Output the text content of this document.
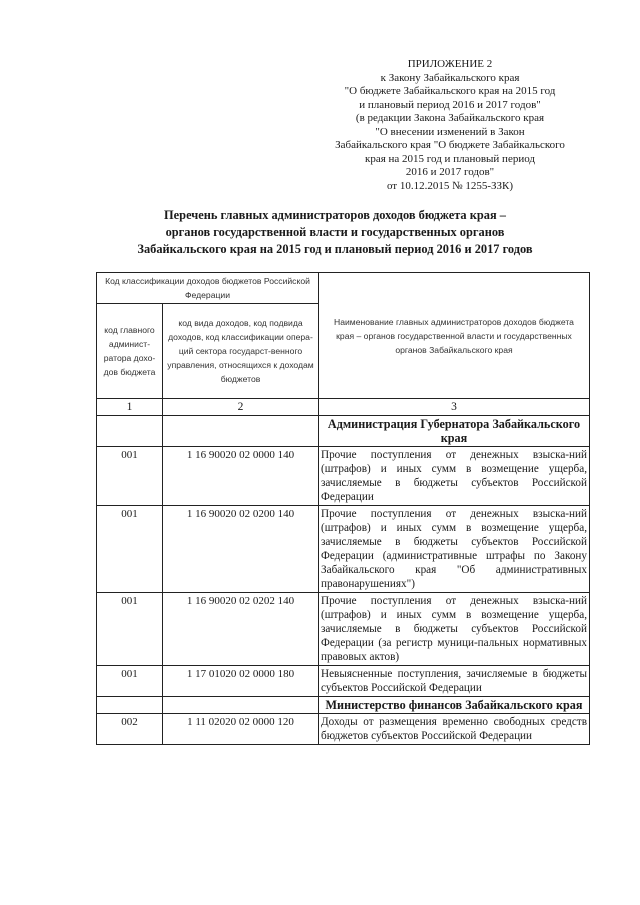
ПРИЛОЖЕНИЕ 2
к Закону Забайкальского края
"О бюджете Забайкальского края на 2015 год
и плановый период 2016 и 2017 годов"
(в редакции Закона Забайкальского края
"О внесении изменений в Закон
Забайкальского края "О бюджете Забайкальского
края на 2015 год и плановый период
2016 и 2017 годов"
от 10.12.2015 № 1255-ЗЗК)
Перечень главных администраторов доходов бюджета края –
органов государственной власти и государственных органов
Забайкальского края на 2015 год и плановый период 2016 и 2017 годов
Код классификации доходов бюджетов Российской Федерации		Наименование главных администраторов доходов бюджета края – органов государственной власти и государственных органов Забайкальского края
код главного админист-ратора дохо-дов бюджета	код вида доходов, код подвида доходов, код классификации опера-ций сектора государст-венного управления, относящихся к доходам бюджетов	
1	2	3
		Администрация Губернатора Забайкальского края
001	1 16 90020 02 0000 140	Прочие поступления от денежных взыска-ний (штрафов) и иных сумм в возмещение ущерба, зачисляемые в бюджеты субъектов Российской Федерации
001	1 16 90020 02 0200 140	Прочие поступления от денежных взыска-ний (штрафов) и иных сумм в возмещение ущерба, зачисляемые в бюджеты субъектов Российской Федерации (административные штрафы по Закону Забайкальского края "Об административных правонарушениях")
001	1 16 90020 02 0202 140	Прочие поступления от денежных взыска-ний (штрафов) и иных сумм в возмещение ущерба, зачисляемые в бюджеты субъектов Российской Федерации (за регистр муници-пальных нормативных правовых актов)
001	1 17 01020 02 0000 180	Невыясненные поступления, зачисляемые в бюджеты субъектов Российской Федерации
		Министерство финансов Забайкальского края
002	1 11 02020 02 0000 120	Доходы от размещения временно свободных средств бюджетов субъектов Российской Федерации
